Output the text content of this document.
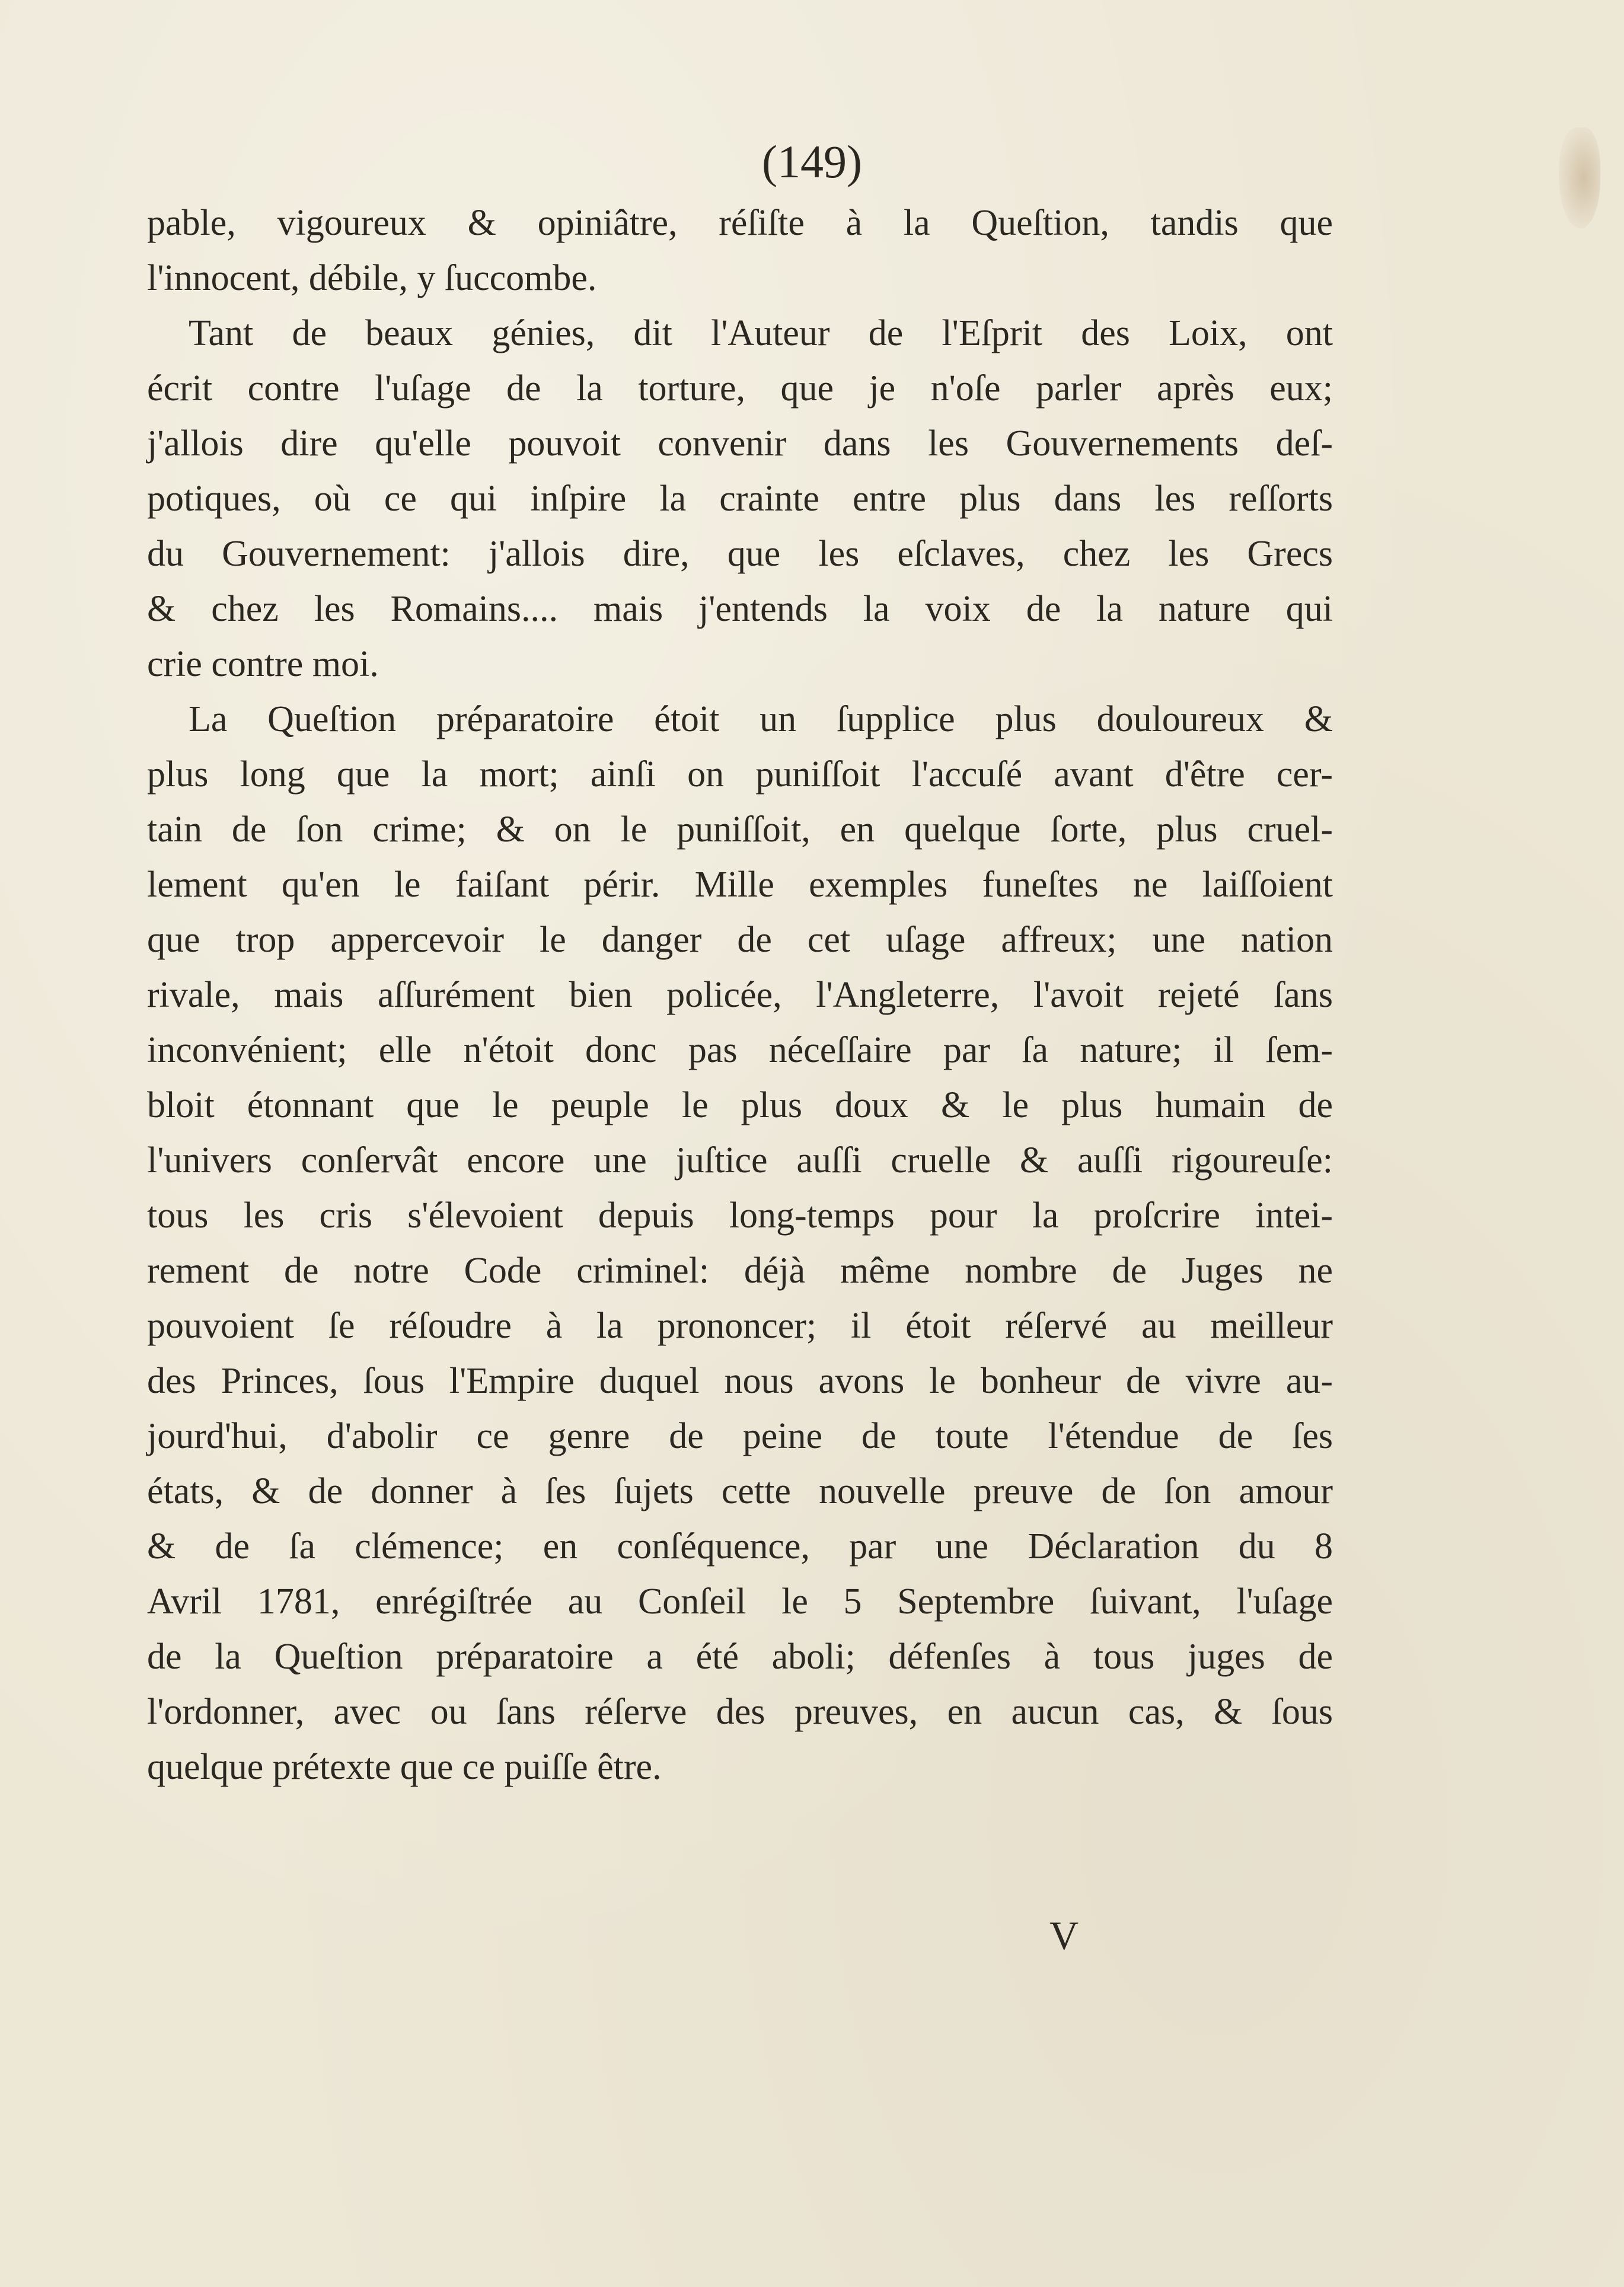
(149)
pable, vigoureux & opiniâtre, réſiſte à la Queſtion, tandis que
l'innocent, débile, y ſuccombe.
Tant de beaux génies, dit l'Auteur de l'Eſprit des Loix, ont
écrit contre l'uſage de la torture, que je n'oſe parler après eux;
j'allois dire qu'elle pouvoit convenir dans les Gouvernements deſ-
potiques, où ce qui inſpire la crainte entre plus dans les reſſorts
du Gouvernement: j'allois dire, que les eſclaves, chez les Grecs
& chez les Romains.... mais j'entends la voix de la nature qui
crie contre moi.
La Queſtion préparatoire étoit un ſupplice plus douloureux &
plus long que la mort; ainſi on puniſſoit l'accuſé avant d'être cer-
tain de ſon crime; & on le puniſſoit, en quelque ſorte, plus cruel-
lement qu'en le faiſant périr. Mille exemples funeſtes ne laiſſoient
que trop appercevoir le danger de cet uſage affreux; une nation
rivale, mais aſſurément bien policée, l'Angleterre, l'avoit rejeté ſans
inconvénient; elle n'étoit donc pas néceſſaire par ſa nature; il ſem-
bloit étonnant que le peuple le plus doux & le plus humain de
l'univers conſervât encore une juſtice auſſi cruelle & auſſi rigoureuſe:
tous les cris s'élevoient depuis long-temps pour la proſcrire intei-
rement de notre Code criminel: déjà même nombre de Juges ne
pouvoient ſe réſoudre à la prononcer; il étoit réſervé au meilleur
des Princes, ſous l'Empire duquel nous avons le bonheur de vivre au-
jourd'hui, d'abolir ce genre de peine de toute l'étendue de ſes
états, & de donner à ſes ſujets cette nouvelle preuve de ſon amour
& de ſa clémence; en conſéquence, par une Déclaration du 8
Avril 1781, enrégiſtrée au Conſeil le 5 Septembre ſuivant, l'uſage
de la Queſtion préparatoire a été aboli; défenſes à tous juges de
l'ordonner, avec ou ſans réſerve des preuves, en aucun cas, & ſous
quelque prétexte que ce puiſſe être.
V
